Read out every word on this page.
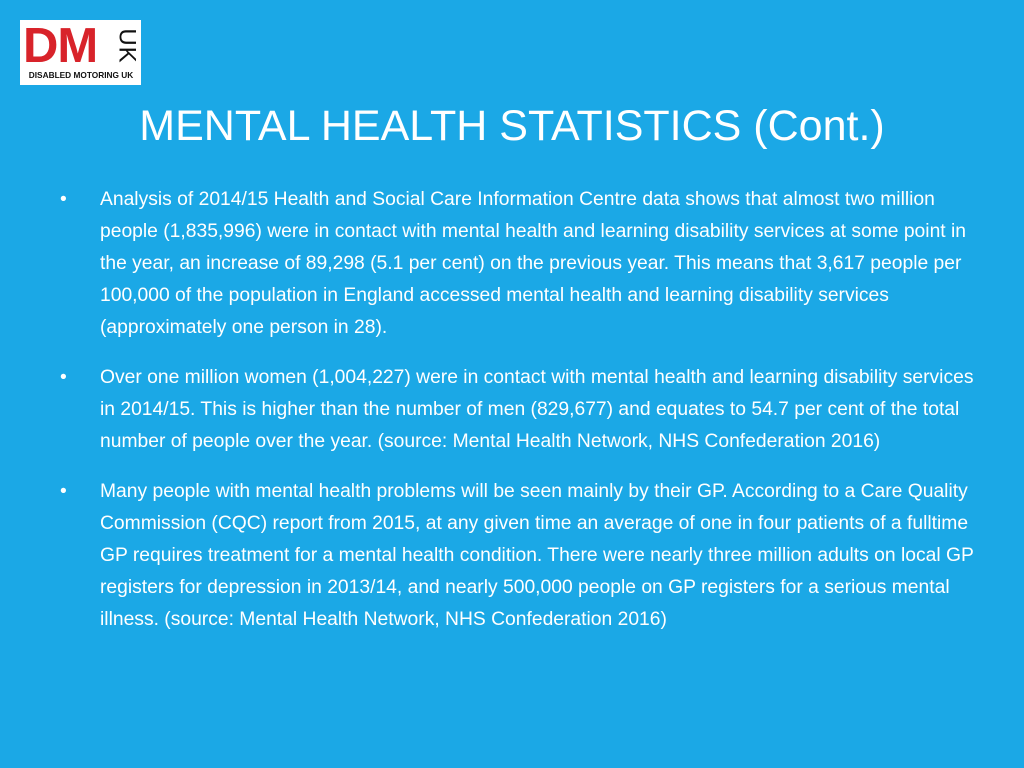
DM UK
DISABLED MOTORING UK
MENTAL HEALTH STATISTICS (Cont.)
•	Analysis of 2014/15 Health and Social Care Information Centre data shows that almost two million people (1,835,996) were in contact with mental health and learning disability services at some point in the year, an increase of 89,298 (5.1 per cent) on the previous year. This means that 3,617 people per 100,000 of the population in England accessed mental health and learning disability services (approximately one person in 28).
•	Over one million women (1,004,227) were in contact with mental health and learning disability services in 2014/15. This is higher than the number of men (829,677) and equates to 54.7 per cent of the total number of people over the year. (source: Mental Health Network, NHS Confederation 2016)
•	Many people with mental health problems will be seen mainly by their GP. According to a Care Quality Commission (CQC) report from 2015, at any given time an average of one in four patients of a fulltime GP requires treatment for a mental health condition. There were nearly three million adults on local GP registers for depression in 2013/14, and nearly 500,000 people on GP registers for a serious mental illness. (source: Mental Health Network, NHS Confederation 2016)
